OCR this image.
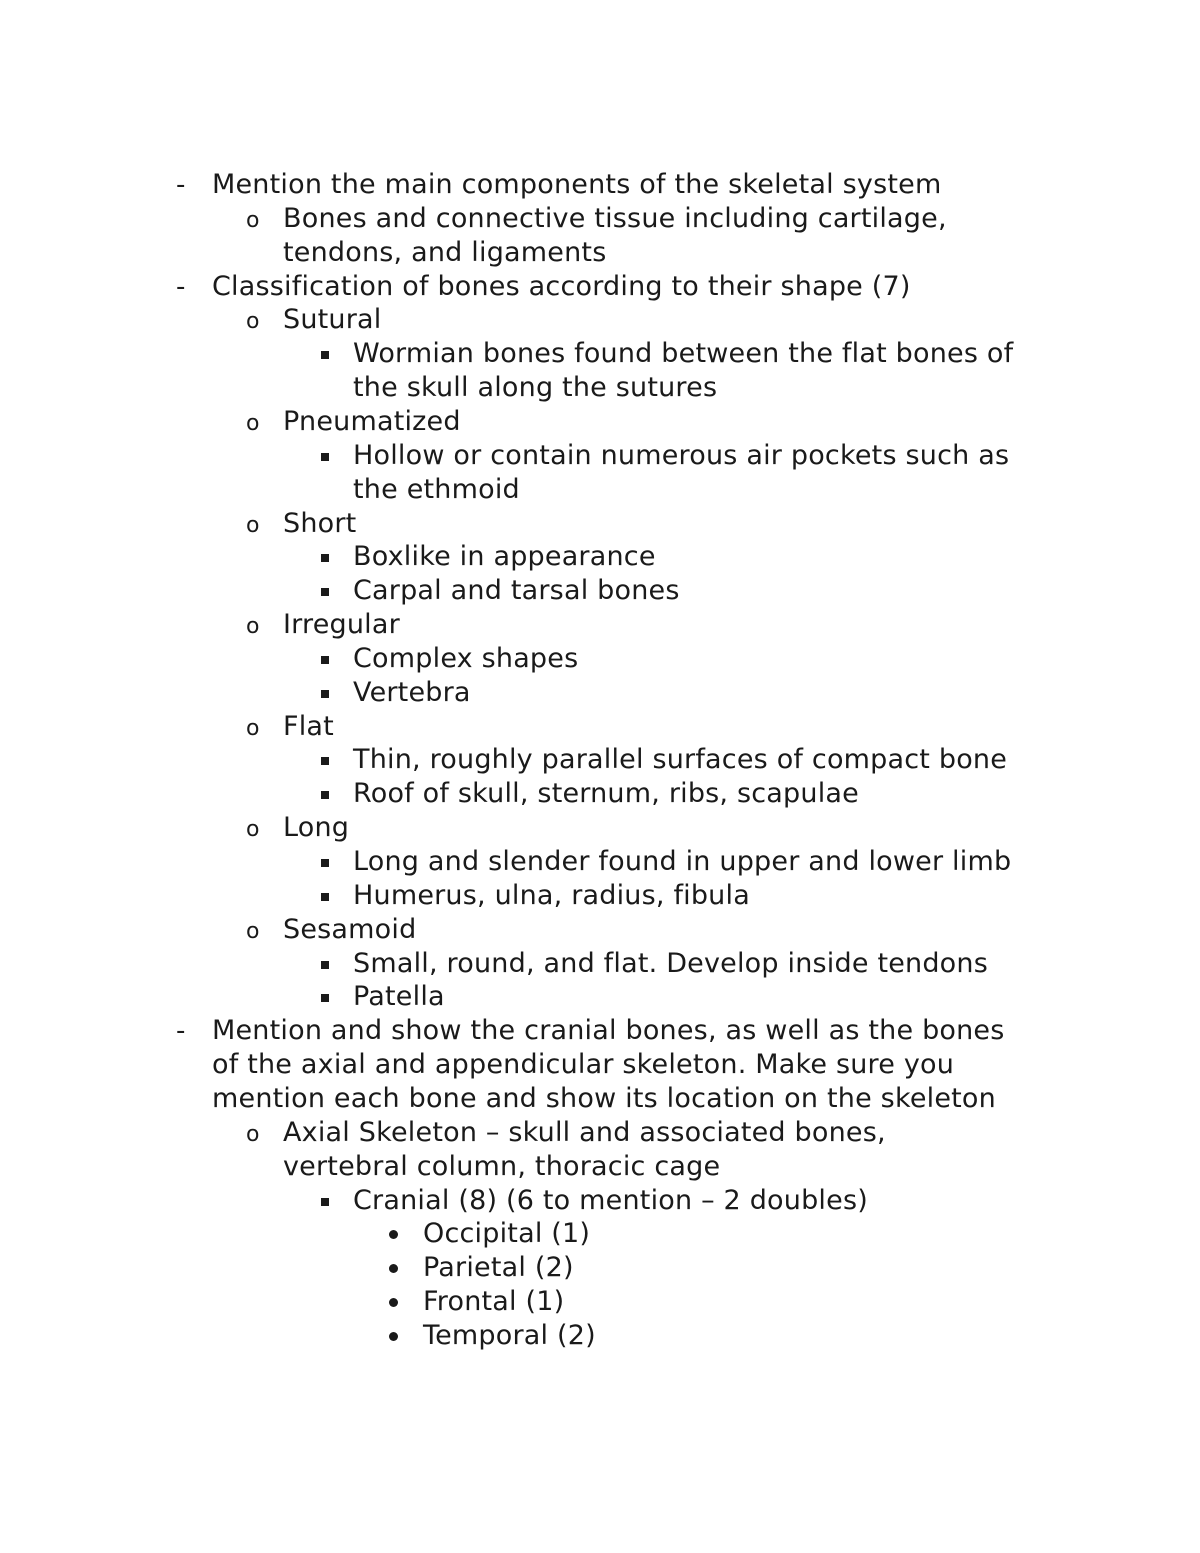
- Mention the main components of the skeletal system
o Bones and connective tissue including cartilage,
tendons, and ligaments
- Classification of bones according to their shape (7)
o Sutural
Wormian bones found between the flat bones of
the skull along the sutures
o Pneumatized
Hollow or contain numerous air pockets such as
the ethmoid
o Short
Boxlike in appearance
Carpal and tarsal bones
o Irregular
Complex shapes
Vertebra
o Flat
Thin, roughly parallel surfaces of compact bone
Roof of skull, sternum, ribs, scapulae
o Long
Long and slender found in upper and lower limb
Humerus, ulna, radius, fibula
o Sesamoid
Small, round, and flat. Develop inside tendons
Patella
- Mention and show the cranial bones, as well as the bones
of the axial and appendicular skeleton. Make sure you
mention each bone and show its location on the skeleton
o Axial Skeleton – skull and associated bones,
vertebral column, thoracic cage
Cranial (8) (6 to mention – 2 doubles)
Occipital (1)
Parietal (2)
Frontal (1)
Temporal (2)
